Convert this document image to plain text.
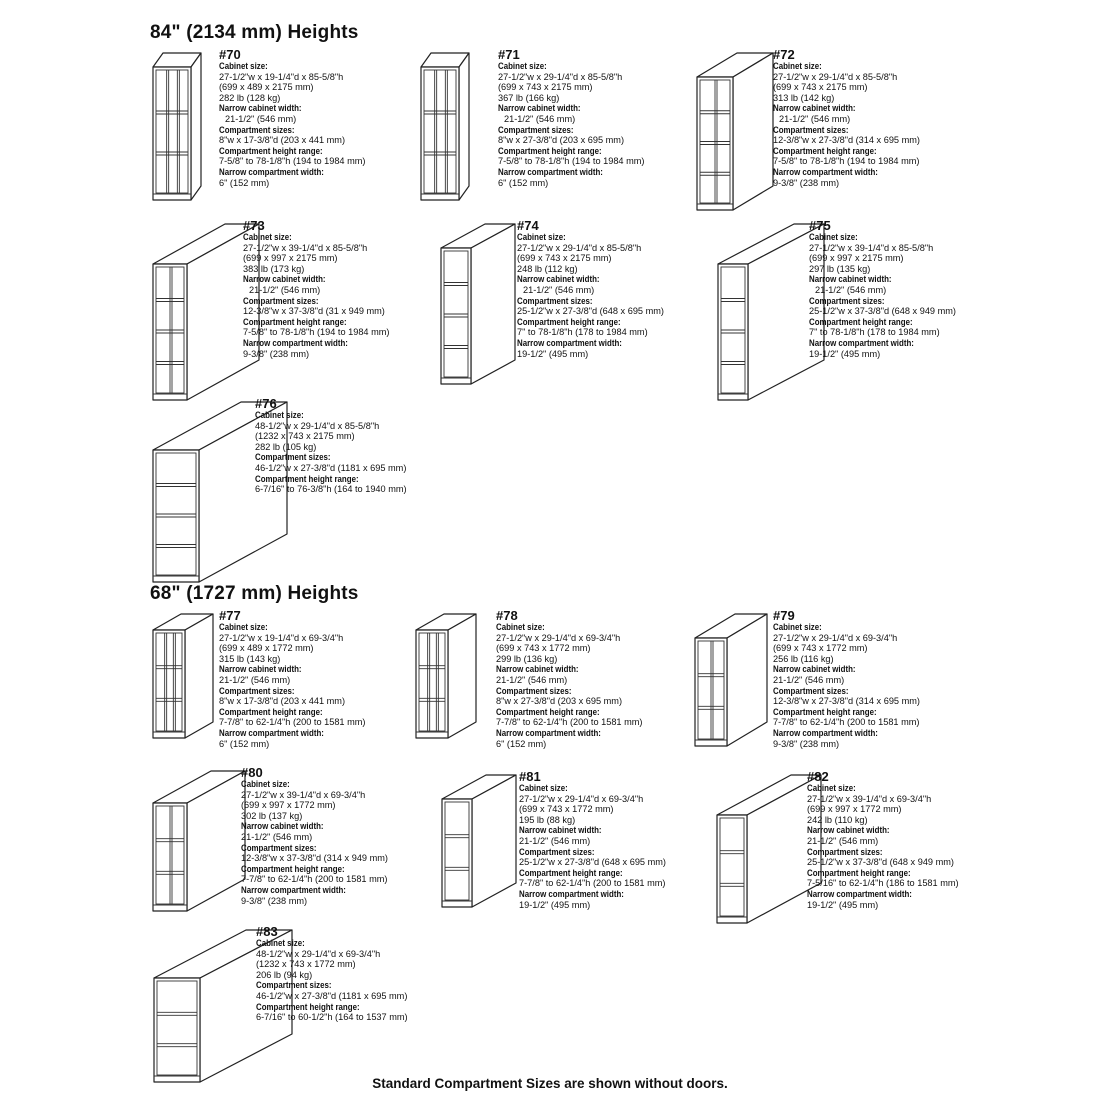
84" (2134 mm) Heights
68" (1727 mm) Heights
#70
Cabinet size:
27-1/2"w x 19-1/4"d x 85-5/8"h
(699 x 489 x 2175 mm)
282 lb (128 kg)
Narrow cabinet width:
21-1/2" (546 mm)
Compartment sizes:
8"w x 17-3/8"d (203 x 441 mm)
Compartment height range:
7-5/8" to 78-1/8"h (194 to 1984 mm)
Narrow compartment width:
6" (152 mm)
#71
Cabinet size:
27-1/2"w x 29-1/4"d x 85-5/8"h
(699 x 743 x 2175 mm)
367 lb (166 kg)
Narrow cabinet width:
21-1/2" (546 mm)
Compartment sizes:
8"w x 27-3/8"d (203 x 695 mm)
Compartment height range:
7-5/8" to 78-1/8"h (194 to 1984 mm)
Narrow compartment width:
6" (152 mm)
#72
Cabinet size:
27-1/2"w x 29-1/4"d x 85-5/8"h
(699 x 743 x 2175 mm)
313 lb (142 kg)
Narrow cabinet width:
21-1/2" (546 mm)
Compartment sizes:
12-3/8"w x 27-3/8"d (314 x 695 mm)
Compartment height range:
7-5/8" to 78-1/8"h (194 to 1984 mm)
Narrow compartment width:
9-3/8" (238 mm)
#73
Cabinet size:
27-1/2"w x 39-1/4"d x 85-5/8"h
(699 x 997 x 2175 mm)
383 lb (173 kg)
Narrow cabinet width:
21-1/2" (546 mm)
Compartment sizes:
12-3/8"w x 37-3/8"d (31 x 949 mm)
Compartment height range:
7-5/8" to 78-1/8"h (194 to 1984 mm)
Narrow compartment width:
9-3/8" (238 mm)
#74
Cabinet size:
27-1/2"w x 29-1/4"d x 85-5/8"h
(699 x 743 x 2175 mm)
248 lb (112 kg)
Narrow cabinet width:
21-1/2" (546 mm)
Compartment sizes:
25-1/2"w x 27-3/8"d (648 x 695 mm)
Compartment height range:
7" to 78-1/8"h (178 to 1984 mm)
Narrow compartment width:
19-1/2" (495 mm)
#75
Cabinet size:
27-1/2"w x 39-1/4"d x 85-5/8"h
(699 x 997 x 2175 mm)
297 lb (135 kg)
Narrow cabinet width:
21-1/2" (546 mm)
Compartment sizes:
25-1/2"w x 37-3/8"d (648 x 949 mm)
Compartment height range:
7" to 78-1/8"h (178 to 1984 mm)
Narrow compartment width:
19-1/2" (495 mm)
#76
Cabinet size:
48-1/2"w x 29-1/4"d x 85-5/8"h
(1232 x 743 x 2175 mm)
282 lb (105 kg)
Compartment sizes:
46-1/2"w x 27-3/8"d (1181 x 695 mm)
Compartment height range:
6-7/16" to 76-3/8"h (164 to 1940 mm)
#77
Cabinet size:
27-1/2"w x 19-1/4"d x 69-3/4"h
(699 x 489 x 1772 mm)
315 lb (143 kg)
Narrow cabinet width:
21-1/2" (546 mm)
Compartment sizes:
8"w x 17-3/8"d (203 x 441 mm)
Compartment height range:
7-7/8" to 62-1/4"h (200 to 1581 mm)
Narrow compartment width:
6" (152 mm)
#78
Cabinet size:
27-1/2"w x 29-1/4"d x 69-3/4"h
(699 x 743 x 1772 mm)
299 lb (136 kg)
Narrow cabinet width:
21-1/2" (546 mm)
Compartment sizes:
8"w x 27-3/8"d (203 x 695 mm)
Compartment height range:
7-7/8" to 62-1/4"h (200 to 1581 mm)
Narrow compartment width:
6" (152 mm)
#79
Cabinet size:
27-1/2"w x 29-1/4"d x 69-3/4"h
(699 x 743 x 1772 mm)
256 lb (116 kg)
Narrow cabinet width:
21-1/2" (546 mm)
Compartment sizes:
12-3/8"w x 27-3/8"d (314 x 695 mm)
Compartment height range:
7-7/8" to 62-1/4"h (200 to 1581 mm)
Narrow compartment width:
9-3/8" (238 mm)
#80
Cabinet size:
27-1/2"w x 39-1/4"d x 69-3/4"h
(699 x 997 x 1772 mm)
302 lb (137 kg)
Narrow cabinet width:
21-1/2" (546 mm)
Compartment sizes:
12-3/8"w x 37-3/8"d (314 x 949 mm)
Compartment height range:
7-7/8" to 62-1/4"h (200 to 1581 mm)
Narrow compartment width:
9-3/8" (238 mm)
#81
Cabinet size:
27-1/2"w x 29-1/4"d x 69-3/4"h
(699 x 743 x 1772 mm)
195 lb (88 kg)
Narrow cabinet width:
21-1/2" (546 mm)
Compartment sizes:
25-1/2"w x 27-3/8"d (648 x 695 mm)
Compartment height range:
7-7/8" to 62-1/4"h (200 to 1581 mm)
Narrow compartment width:
19-1/2" (495 mm)
#82
Cabinet size:
27-1/2"w x 39-1/4"d x 69-3/4"h
(699 x 997 x 1772 mm)
242 lb (110 kg)
Narrow cabinet width:
21-1/2" (546 mm)
Compartment sizes:
25-1/2"w x 37-3/8"d (648 x 949 mm)
Compartment height range:
7-5/16" to 62-1/4"h (186 to 1581 mm)
Narrow compartment width:
19-1/2" (495 mm)
#83
Cabinet size:
48-1/2"w x 29-1/4"d x 69-3/4"h
(1232 x 743 x 1772 mm)
206 lb (94 kg)
Compartment sizes:
46-1/2"w x 27-3/8"d (1181 x 695 mm)
Compartment height range:
6-7/16" to 60-1/2"h (164 to 1537 mm)

Standard Compartment Sizes are shown without doors.
